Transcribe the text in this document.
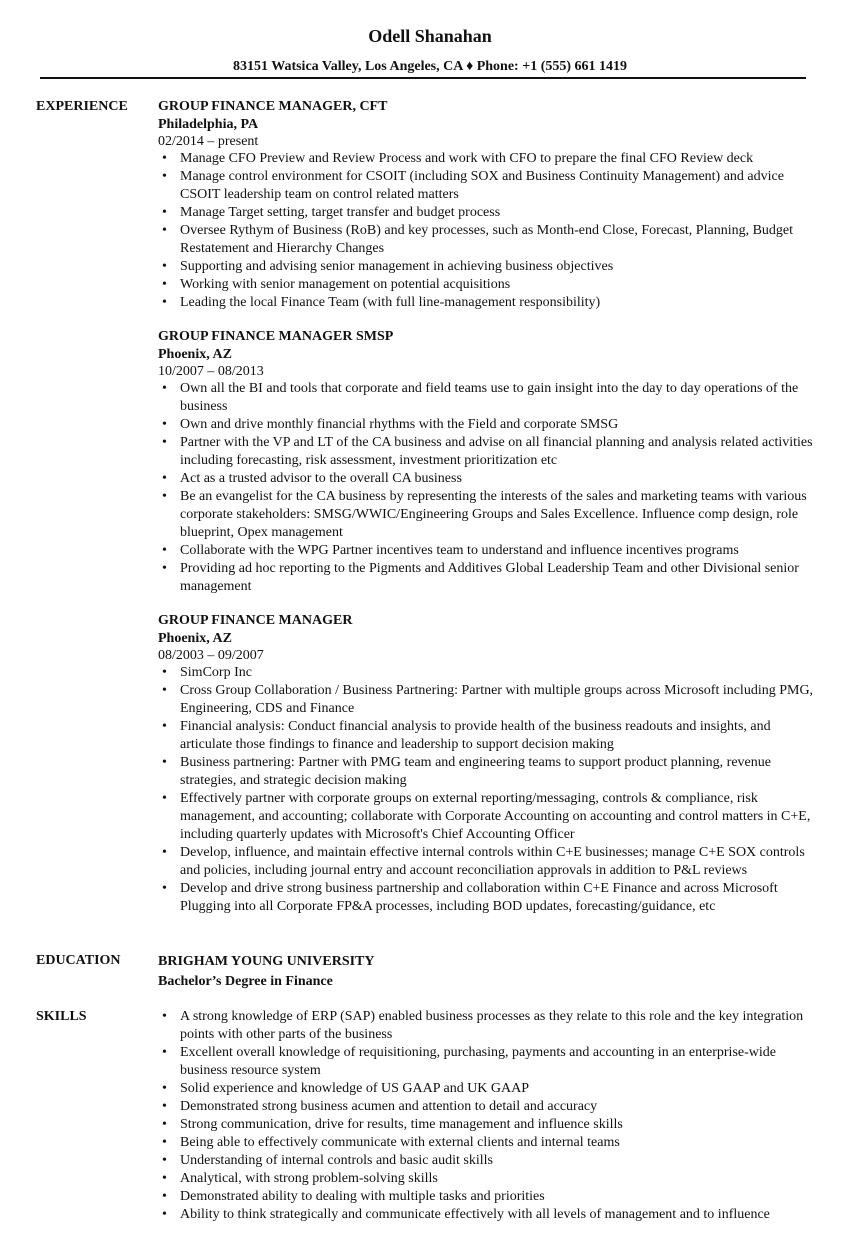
Odell Shanahan
83151 Watsica Valley, Los Angeles, CA ♦ Phone: +1 (555) 661 1419
EXPERIENCE	GROUP FINANCE MANAGER, CFT
Philadelphia, PA
02/2014 – present
• Manage CFO Preview and Review Process and work with CFO to prepare the final CFO Review deck
• Manage control environment for CSOIT (including SOX and Business Continuity Management) and advice CSOIT leadership team on control related matters
• Manage Target setting, target transfer and budget process
• Oversee Rythym of Business (RoB) and key processes, such as Month-end Close, Forecast, Planning, Budget Restatement and Hierarchy Changes
• Supporting and advising senior management in achieving business objectives
• Working with senior management on potential acquisitions
• Leading the local Finance Team (with full line-management responsibility)
GROUP FINANCE MANAGER SMSP
Phoenix, AZ
10/2007 – 08/2013
• Own all the BI and tools that corporate and field teams use to gain insight into the day to day operations of the business
• Own and drive monthly financial rhythms with the Field and corporate SMSG
• Partner with the VP and LT of the CA business and advise on all financial planning and analysis related activities including forecasting, risk assessment, investment prioritization etc
• Act as a trusted advisor to the overall CA business
• Be an evangelist for the CA business by representing the interests of the sales and marketing teams with various corporate stakeholders: SMSG/WWIC/Engineering Groups and Sales Excellence. Influence comp design, role blueprint, Opex management
• Collaborate with the WPG Partner incentives team to understand and influence incentives programs
• Providing ad hoc reporting to the Pigments and Additives Global Leadership Team and other Divisional senior management
GROUP FINANCE MANAGER
Phoenix, AZ
08/2003 – 09/2007
• SimCorp Inc
• Cross Group Collaboration / Business Partnering: Partner with multiple groups across Microsoft including PMG, Engineering, CDS and Finance
• Financial analysis: Conduct financial analysis to provide health of the business readouts and insights, and articulate those findings to finance and leadership to support decision making
• Business partnering: Partner with PMG team and engineering teams to support product planning, revenue strategies, and strategic decision making
• Effectively partner with corporate groups on external reporting/messaging, controls & compliance, risk management, and accounting; collaborate with Corporate Accounting on accounting and control matters in C+E, including quarterly updates with Microsoft's Chief Accounting Officer
• Develop, influence, and maintain effective internal controls within C+E businesses; manage C+E SOX controls and policies, including journal entry and account reconciliation approvals in addition to P&L reviews
• Develop and drive strong business partnership and collaboration within C+E Finance and across Microsoft Plugging into all Corporate FP&A processes, including BOD updates, forecasting/guidance, etc
EDUCATION	BRIGHAM YOUNG UNIVERSITY
Bachelor’s Degree in Finance
SKILLS
•	A strong knowledge of ERP (SAP) enabled business processes as they relate to this role and the key integration points with other parts of the business
• Excellent overall knowledge of requisitioning, purchasing, payments and accounting in an enterprise-wide business resource system
• Solid experience and knowledge of US GAAP and UK GAAP
• Demonstrated strong business acumen and attention to detail and accuracy
• Strong communication, drive for results, time management and influence skills
• Being able to effectively communicate with external clients and internal teams
• Understanding of internal controls and basic audit skills
• Analytical, with strong problem-solving skills
• Demonstrated ability to dealing with multiple tasks and priorities
• Ability to think strategically and communicate effectively with all levels of management and to influence
